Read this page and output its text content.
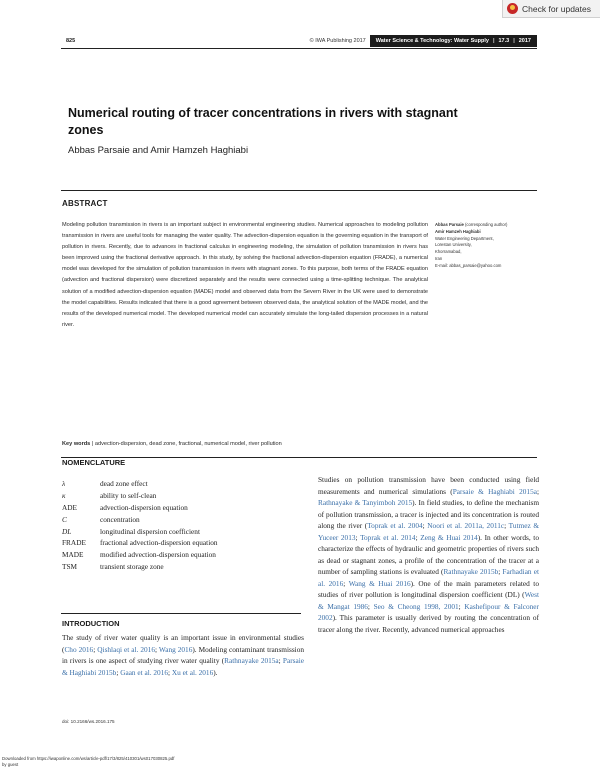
Check for updates
825	© IWA Publishing 2017	Water Science & Technology: Water Supply | 17.3 | 2017
Numerical routing of tracer concentrations in rivers with stagnant zones
Abbas Parsaie and Amir Hamzeh Haghiabi
ABSTRACT
Modeling pollution transmission in rivers is an important subject in environmental engineering studies. Numerical approaches to modeling pollution transmission in rivers are useful tools for managing the water quality. The advection-dispersion equation is the governing equation in the transport of pollution in rivers. Recently, due to advances in fractional calculus in engineering modeling, the simulation of pollution transmission in rivers has been improved using the fractional derivative approach. In this study, by solving the fractional advection-dispersion equation (FRADE), a numerical model was developed for the simulation of pollution transmission in rivers with stagnant zones. To this purpose, both terms of the FRADE equation (advection and fractional dispersion) were discretized separately and the results were connected using a time-splitting technique. The analytical solution of a modified advection-dispersion equation (MADE) model and observed data from the Severn River in the UK were used to demonstrate the model capabilities. Results indicated that there is a good agreement between observed data, the analytical solution of the MADE model, and the results of the developed numerical model. The developed numerical model can accurately simulate the long-tailed dispersion processes in a natural river.
Key words | advection-dispersion, dead zone, fractional, numerical model, river pollution
Abbas Parsaie (corresponding author)
Amir Hamzeh Haghiabi
Water Engineering Department,
Lorestan University,
Khorramabad,
Iran
E-mail: abbas_parsaie@yahoo.com
NOMENCLATURE
λ	dead zone effect
κ	ability to self-clean
ADE	advection-dispersion equation
C	concentration
DL	longitudinal dispersion coefficient
FRADE	fractional advection-dispersion equation
MADE	modified advection-dispersion equation
TSM	transient storage zone
INTRODUCTION
The study of river water quality is an important issue in environmental studies (Cho 2016; Qishlaqi et al. 2016; Wang 2016). Modeling contaminant transmission in rivers is one aspect of studying river water quality (Rathnayake 2015a; Parsaie & Haghiabi 2015b; Gaan et al. 2016; Xu et al. 2016).
doi: 10.2166/ws.2016.175
Studies on pollution transmission have been conducted using field measurements and numerical simulations (Parsaie & Haghiabi 2015a; Rathnayake & Tanyimboh 2015). In field studies, to define the mechanism of pollution transmission, a tracer is injected and its concentration is routed along the river (Toprak et al. 2004; Noori et al. 2011a, 2011c; Tutmez & Yuceer 2013; Toprak et al. 2014; Zeng & Huai 2014). In other words, to characterize the effects of hydraulic and geometric properties of rivers such as dead or stagnant zones, a profile of the concentration of the tracer at a number of sampling stations is evaluated (Rathnayake 2015b; Farhadian et al. 2016; Wang & Huai 2016). One of the main parameters related to studies of river pollution is longitudinal dispersion coefficient (DL) (West & Mangat 1986; Seo & Cheong 1998, 2001; Kashefipour & Falconer 2002). This parameter is usually derived by routing the concentration of tracer along the river. Recently, advanced numerical approaches
Downloaded from https://iwaponline.com/ws/article-pdf/17/3/825/410301/ws017030825.pdf
by guest
